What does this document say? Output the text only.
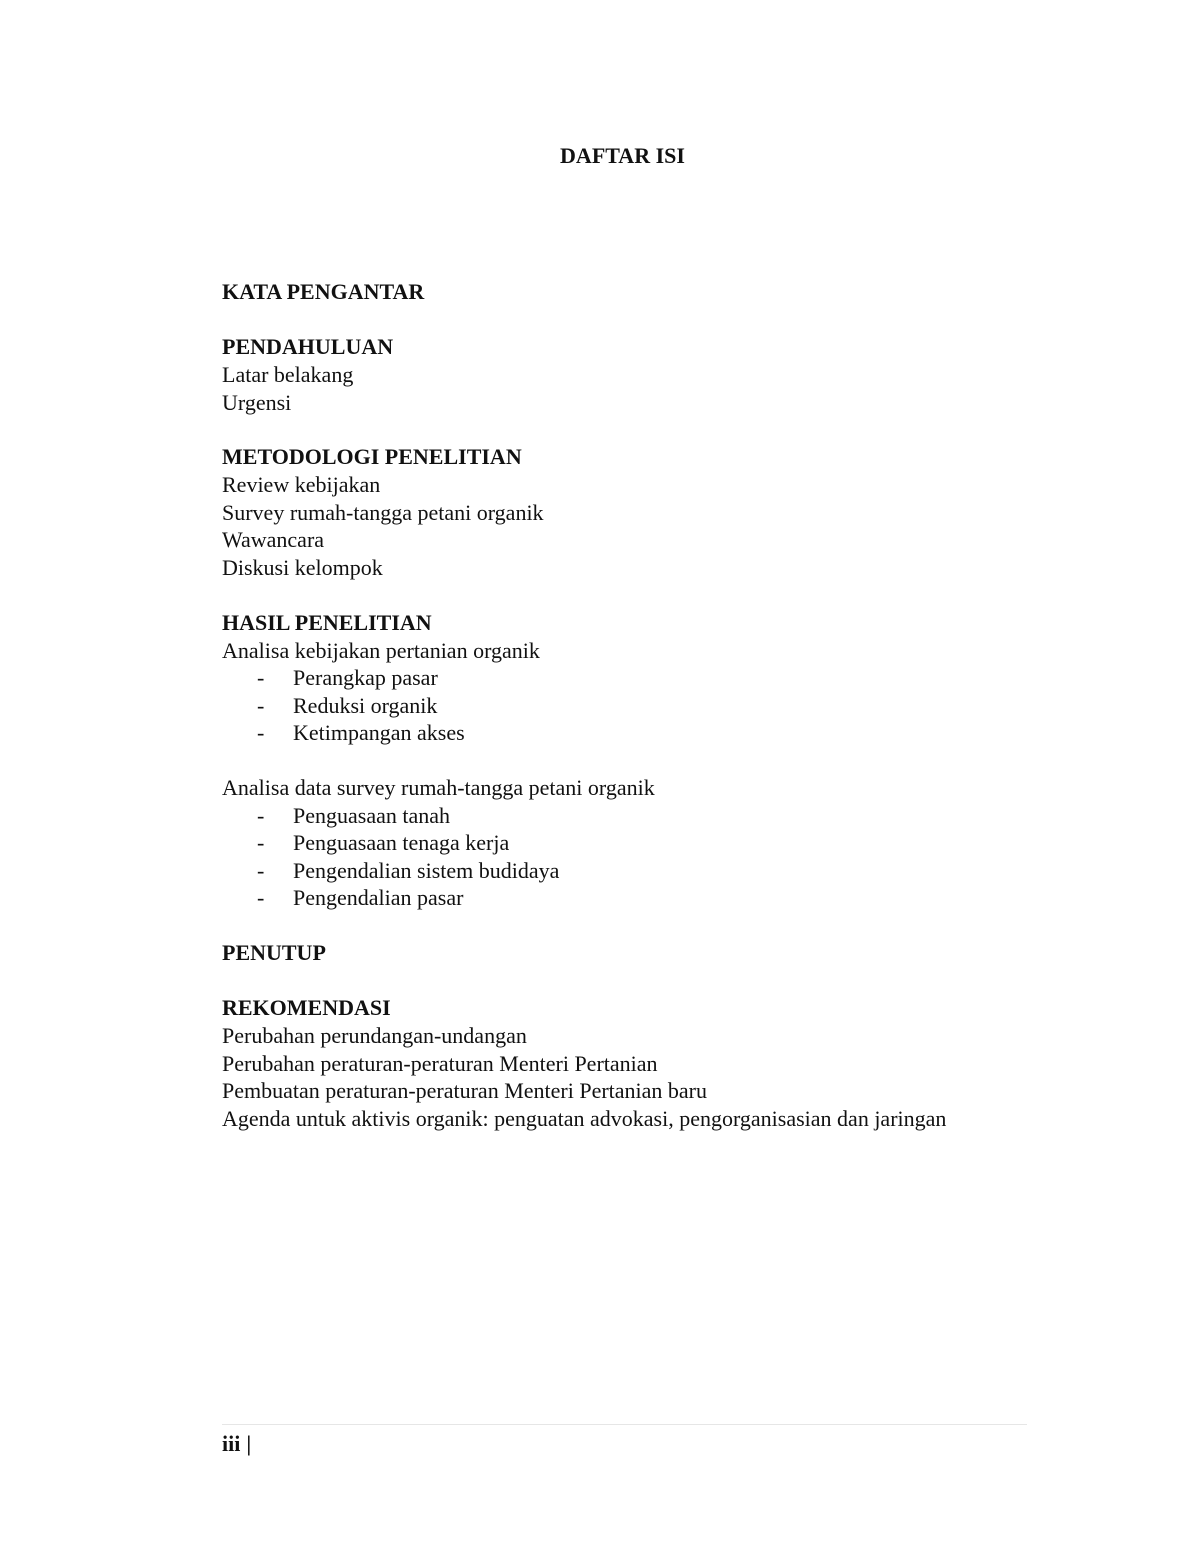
DAFTAR ISI
KATA PENGANTAR
PENDAHULUAN
Latar belakang
Urgensi
METODOLOGI PENELITIAN
Review kebijakan
Survey rumah-tangga petani organik
Wawancara
Diskusi kelompok
HASIL PENELITIAN
Analisa kebijakan pertanian organik
-	Perangkap pasar
-	Reduksi organik
-	Ketimpangan akses
Analisa data survey rumah-tangga petani organik
-	Penguasaan tanah
-	Penguasaan tenaga kerja
-	Pengendalian sistem budidaya
-	Pengendalian pasar
PENUTUP
REKOMENDASI
Perubahan perundangan-undangan
Perubahan peraturan-peraturan Menteri Pertanian
Pembuatan peraturan-peraturan Menteri Pertanian baru
Agenda untuk aktivis organik: penguatan advokasi, pengorganisasian dan jaringan
iii |
